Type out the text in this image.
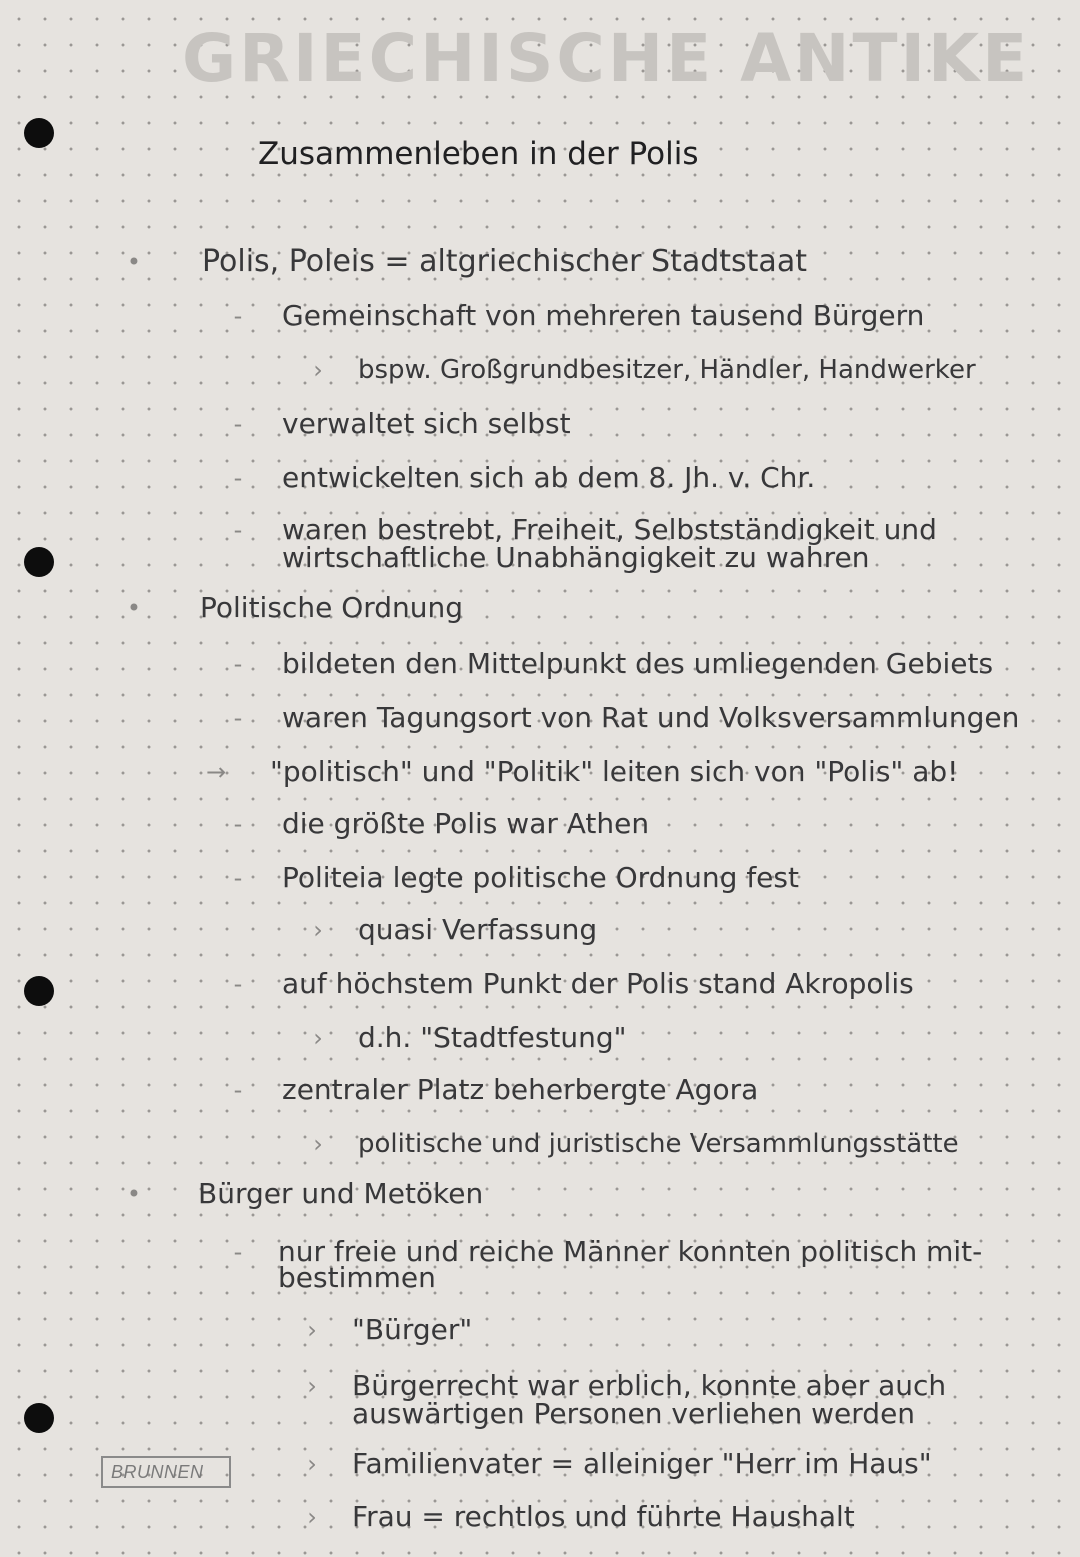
GRIECHISCHE ANTIKE
Zusammenleben in der Polis
• Polis, Poleis = altgriechischer Stadtstaat
- Gemeinschaft von mehreren tausend Bürgern
› bspw. Großgrundbesitzer, Händler, Handwerker
- verwaltet sich selbst
- entwickelten sich ab dem 8. Jh. v. Chr.
- waren bestrebt, Freiheit, Selbstständigkeit und
wirtschaftliche Unabhängigkeit zu wahren
• Politische Ordnung
- bildeten den Mittelpunkt des umliegenden Gebiets
- waren Tagungsort von Rat und Volksversammlungen
→ "politisch" und "Politik" leiten sich von "Polis" ab!
- die größte Polis war Athen
- Politeia legte politische Ordnung fest
› quasi Verfassung
- auf höchstem Punkt der Polis stand Akropolis
› d.h. "Stadtfestung"
- zentraler Platz beherbergte Agora
› politische und juristische Versammlungsstätte
• Bürger und Metöken
- nur freie und reiche Männer konnten politisch mit-
bestimmen
› "Bürger"
› Bürgerrecht war erblich, konnte aber auch
auswärtigen Personen verliehen werden
› Familienvater = alleiniger "Herr im Haus"
› Frau = rechtlos und führte Haushalt
BRUNNEN
